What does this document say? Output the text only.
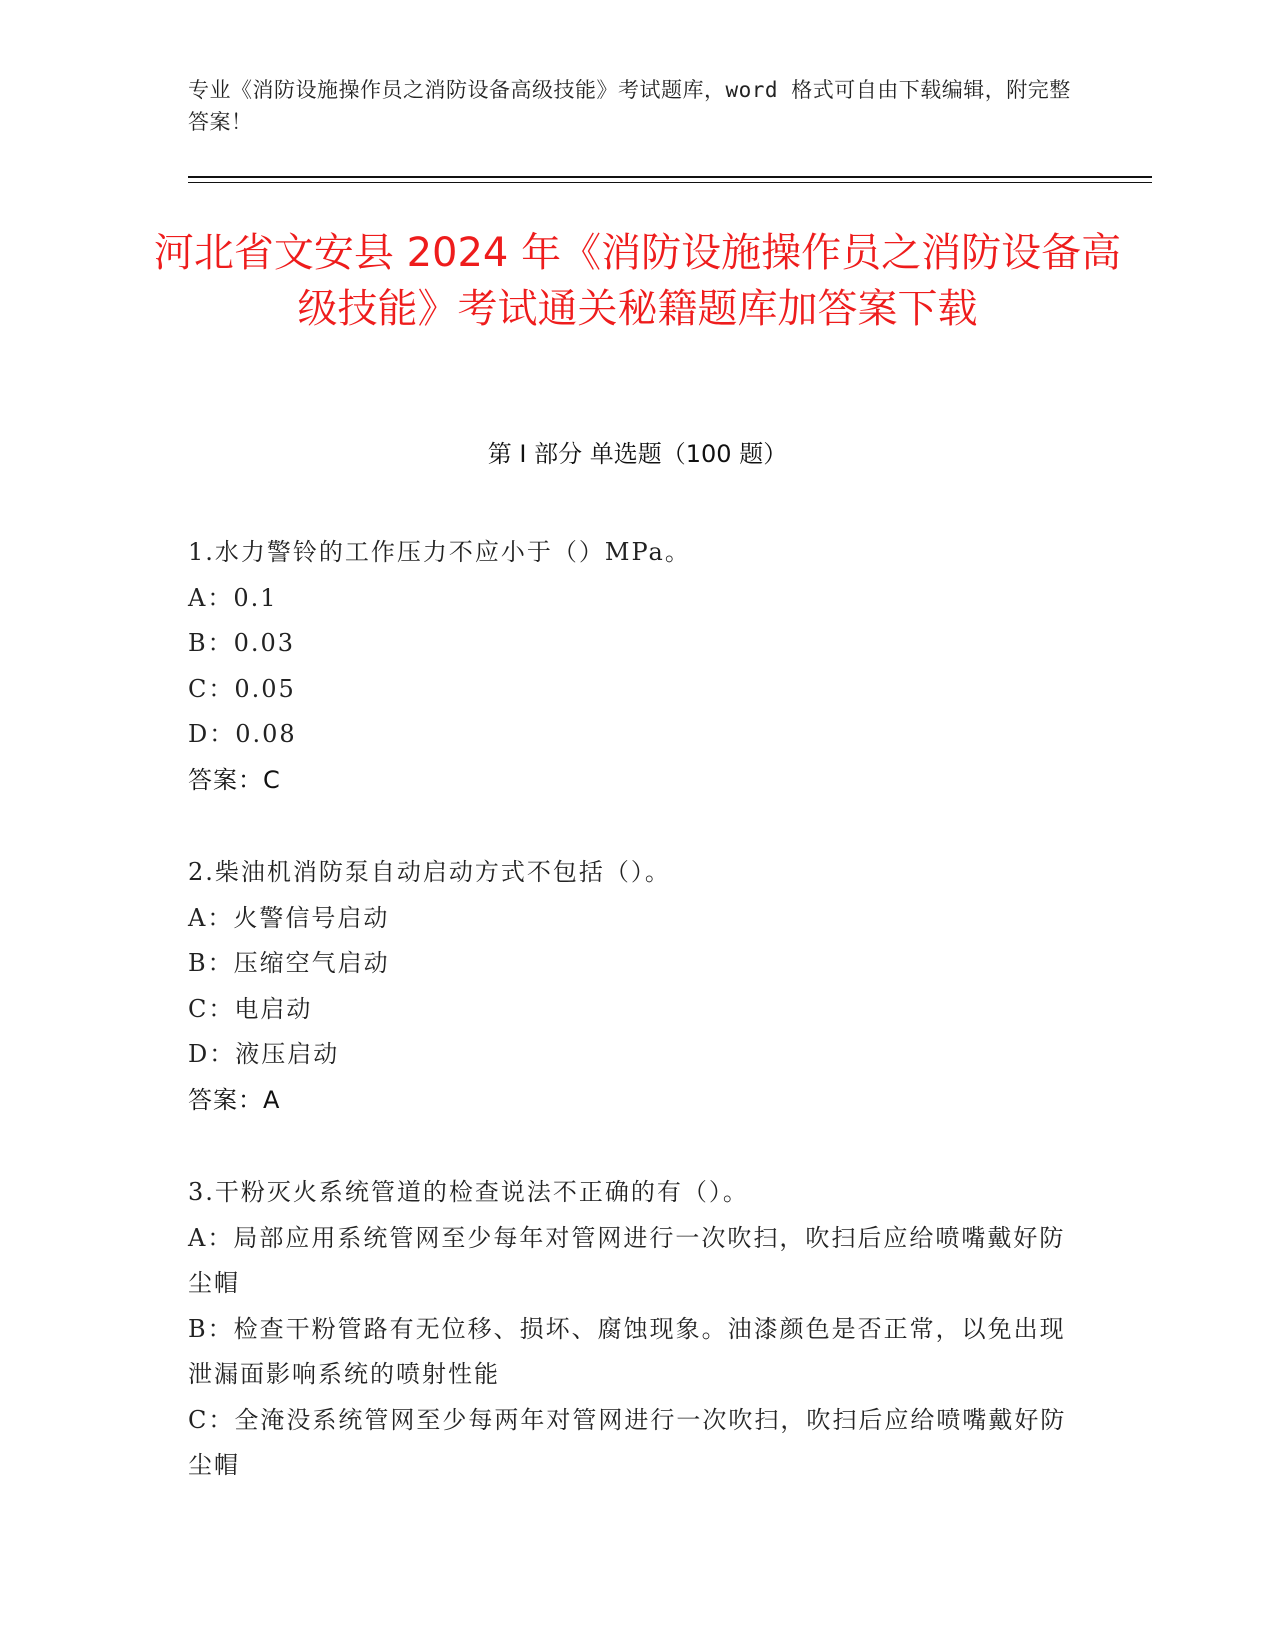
专业《消防设施操作员之消防设备高级技能》考试题库，word 格式可自由下载编辑，附完整答案！
河北省文安县 2024 年《消防设施操作员之消防设备高级技能》考试通关秘籍题库加答案下载
第 I 部分 单选题（100 题）
1.水力警铃的工作压力不应小于（）MPa。
A：0.1
B：0.03
C：0.05
D：0.08
答案：C
2.柴油机消防泵自动启动方式不包括（）。
A：火警信号启动
B：压缩空气启动
C：电启动
D：液压启动
答案：A
3.干粉灭火系统管道的检查说法不正确的有（）。
A：局部应用系统管网至少每年对管网进行一次吹扫，吹扫后应给喷嘴戴好防尘帽
B：检查干粉管路有无位移、损坏、腐蚀现象。油漆颜色是否正常，以免出现泄漏面影响系统的喷射性能
C：全淹没系统管网至少每两年对管网进行一次吹扫，吹扫后应给喷嘴戴好防尘帽
